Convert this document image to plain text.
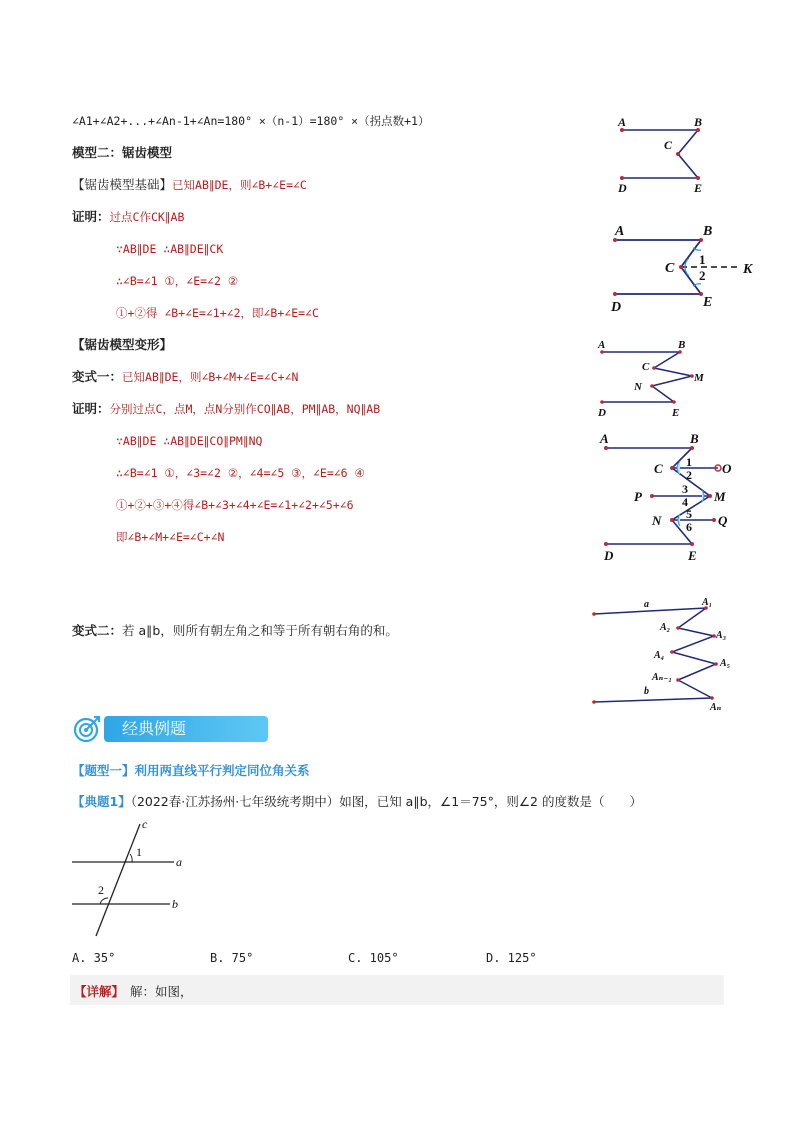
∠A1+∠A2+...+∠An-1+∠An=180° ×（n-1）=180° ×（拐点数+1）
模型二：锯齿模型
【锯齿模型基础】已知AB∥DE，则∠B+∠E=∠C
证明：过点C作CK∥AB
∵AB∥DE ∴AB∥DE∥CK
∴∠B=∠1 ①，∠E=∠2 ②
①+②得 ∠B+∠E=∠1+∠2，即∠B+∠E=∠C
【锯齿模型变形】
变式一：已知AB∥DE，则∠B+∠M+∠E=∠C+∠N
证明：分别过点C，点M，点N分别作CO∥AB，PM∥AB，NQ∥AB
∵AB∥DE ∴AB∥DE∥CO∥PM∥NQ
∴∠B=∠1 ①，∠3=∠2 ②，∠4=∠5 ③，∠E=∠6 ④
①+②+③+④得∠B+∠3+∠4+∠E=∠1+∠2+∠5+∠6
即∠B+∠M+∠E=∠C+∠N
变式二：若 a∥b，则所有朝左角之和等于所有朝右角的和。
A	B
C
D	E
A	B
C	K
D	E
1
2
A	B
C
M
N
D	E
A	B
C	O
P	M
N	Q
D	E
1
2
3
4
5
6
a
b
A₁
A₂
A₃
A₄
A₅
Aₙ₋₁
Aₙ
经典例题
【题型一】利用两直线平行判定同位角关系
【典题1】（2022春·江苏扬州·七年级统考期中）如图，已知 a∥b，∠1＝75°，则∠2 的度数是（　　）
c
a
b
1
2
A. 35°	B. 75°	C. 105°	D. 125°
【详解】 解：如图，
